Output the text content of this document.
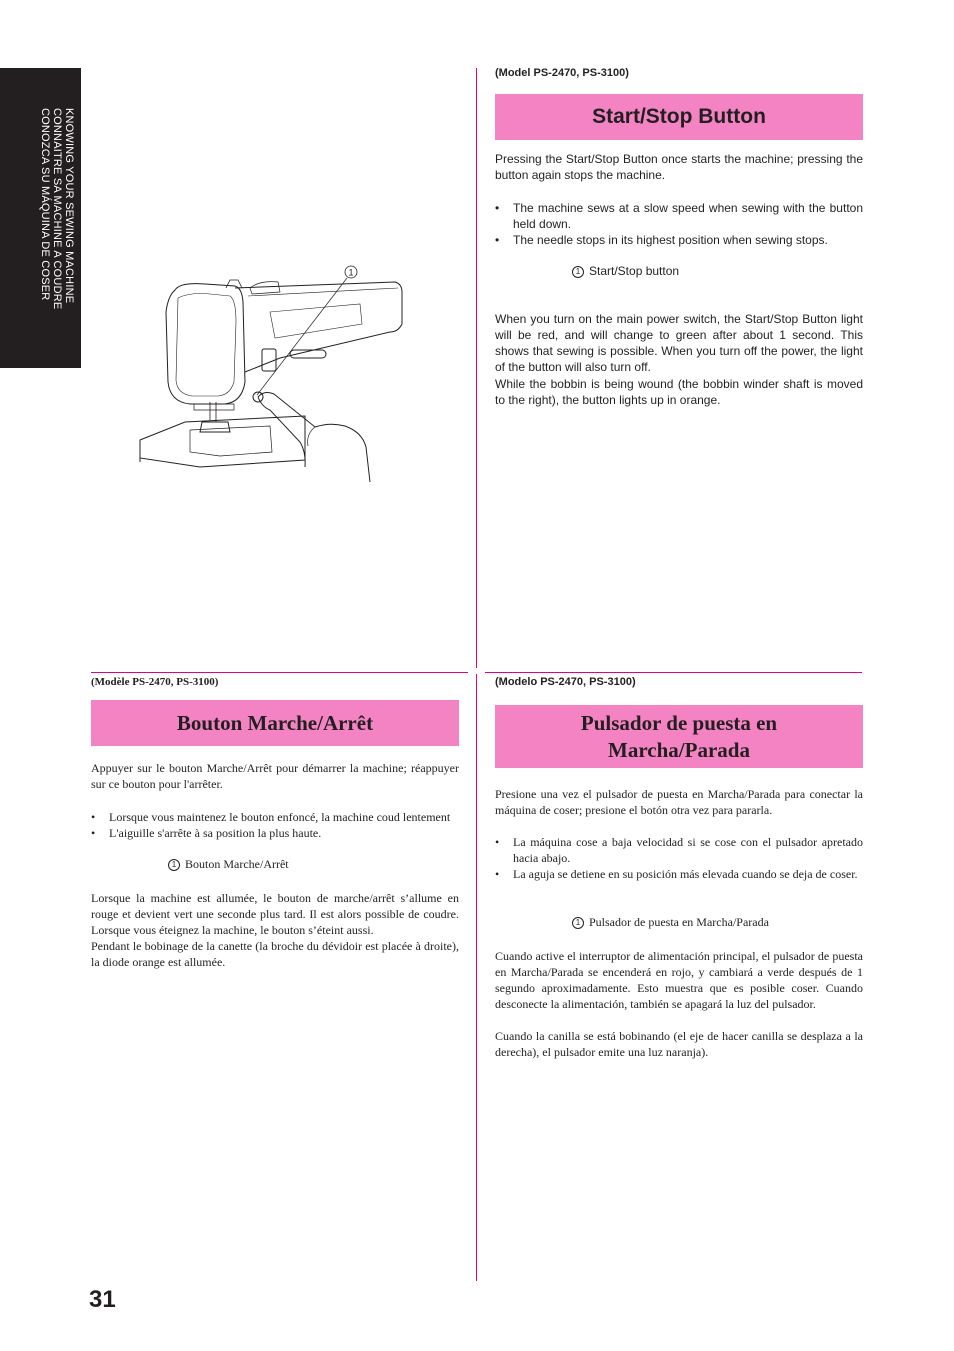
KNOWING YOUR SEWING MACHINE
CONNAITRE SA MACHINE A COUDRE
CONOZCA SU MÁQUINA DE COSER	1
(Model PS-2470, PS-3100)
Start/Stop Button

Pressing the Start/Stop Button once starts the machine; pressing the button again stops the machine.

• The machine sews at a slow speed when sewing with the button held down.
• The needle stops in its highest position when sewing stops.
1 Start/Stop button

When you turn on the main power switch, the Start/Stop Button light will be red, and will change to green after about 1 second. This shows that sewing is possible. When you turn off the power, the light of the button will also turn off.

While the bobbin is being wound (the bobbin winder shaft is moved to the right), the button lights up in orange.

(Modèle PS-2470, PS-3100)
Bouton Marche/Arrêt

Appuyer sur le bouton Marche/Arrêt pour démarrer la machine; réappuyer sur ce bouton pour l'arrêter.

• Lorsque vous maintenez le bouton enfoncé, la machine coud lentement
• L'aiguille s'arrête à sa position la plus haute.
1 Bouton Marche/Arrêt

Lorsque la machine est allumée, le bouton de marche/arrêt s’allume en rouge et devient vert une seconde plus tard. Il est alors possible de coudre. Lorsque vous éteignez la machine, le bouton s’éteint aussi.

Pendant le bobinage de la canette (la broche du dévidoir est placée à droite), la diode orange est allumée.

(Modelo PS-2470, PS-3100)
Pulsador de puesta en
Marcha/Parada

Presione una vez el pulsador de puesta en Marcha/Parada para conectar la máquina de coser; presione el botón otra vez para pararla.

• La máquina cose a baja velocidad si se cose con el pulsador apretado hacia abajo.
• La aguja se detiene en su posición más elevada cuando se deja de coser.
1 Pulsador de puesta en Marcha/Parada

Cuando active el interruptor de alimentación principal, el pulsador de puesta en Marcha/Parada se encenderá en rojo, y cambiará a verde después de 1 segundo aproximadamente. Esto muestra que es posible coser. Cuando desconecte la alimentación, también se apagará la luz del pulsador.

Cuando la canilla se está bobinando (el eje de hacer canilla se desplaza a la derecha), el pulsador emite una luz naranja).

31
